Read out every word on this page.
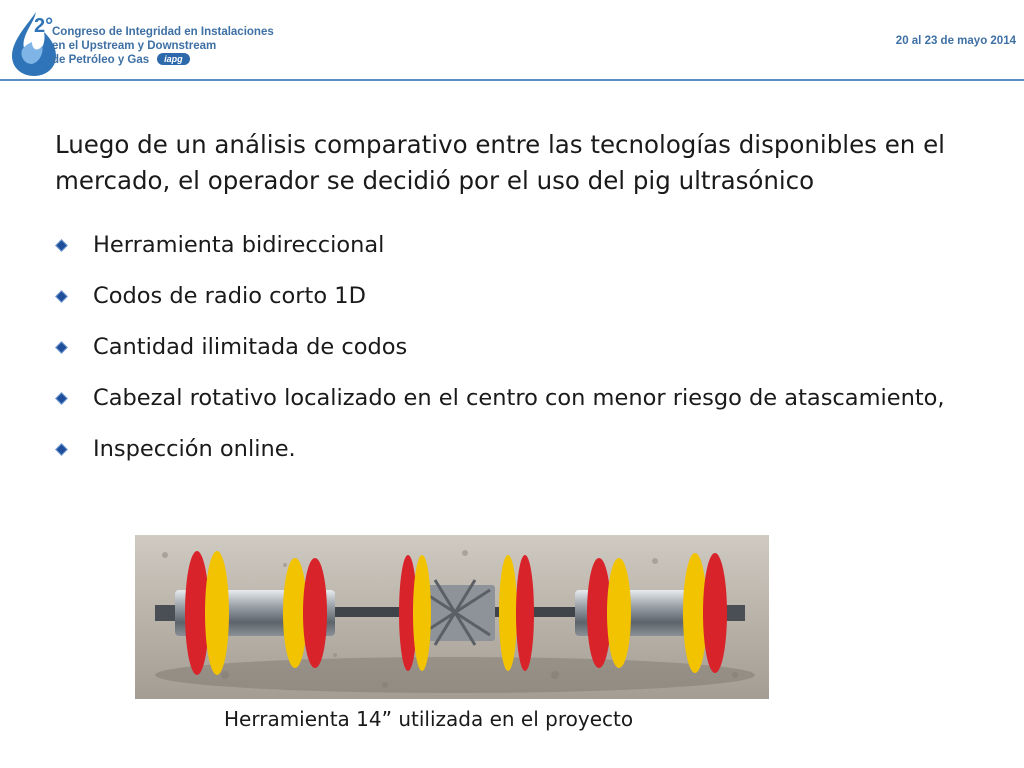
2°
Congreso de Integridad en Instalaciones
en el Upstream y Downstream
de Petróleo y Gas iapg
20 al 23 de mayo 2014
Luego de un análisis comparativo entre las tecnologías disponibles en el mercado, el operador se decidió por el uso del pig ultrasónico
Herramienta bidireccional
Codos de radio corto 1D
Cantidad ilimitada de codos
Cabezal rotativo localizado en el centro con menor riesgo de atascamiento,
Inspección online.
Herramienta 14” utilizada en el proyecto
